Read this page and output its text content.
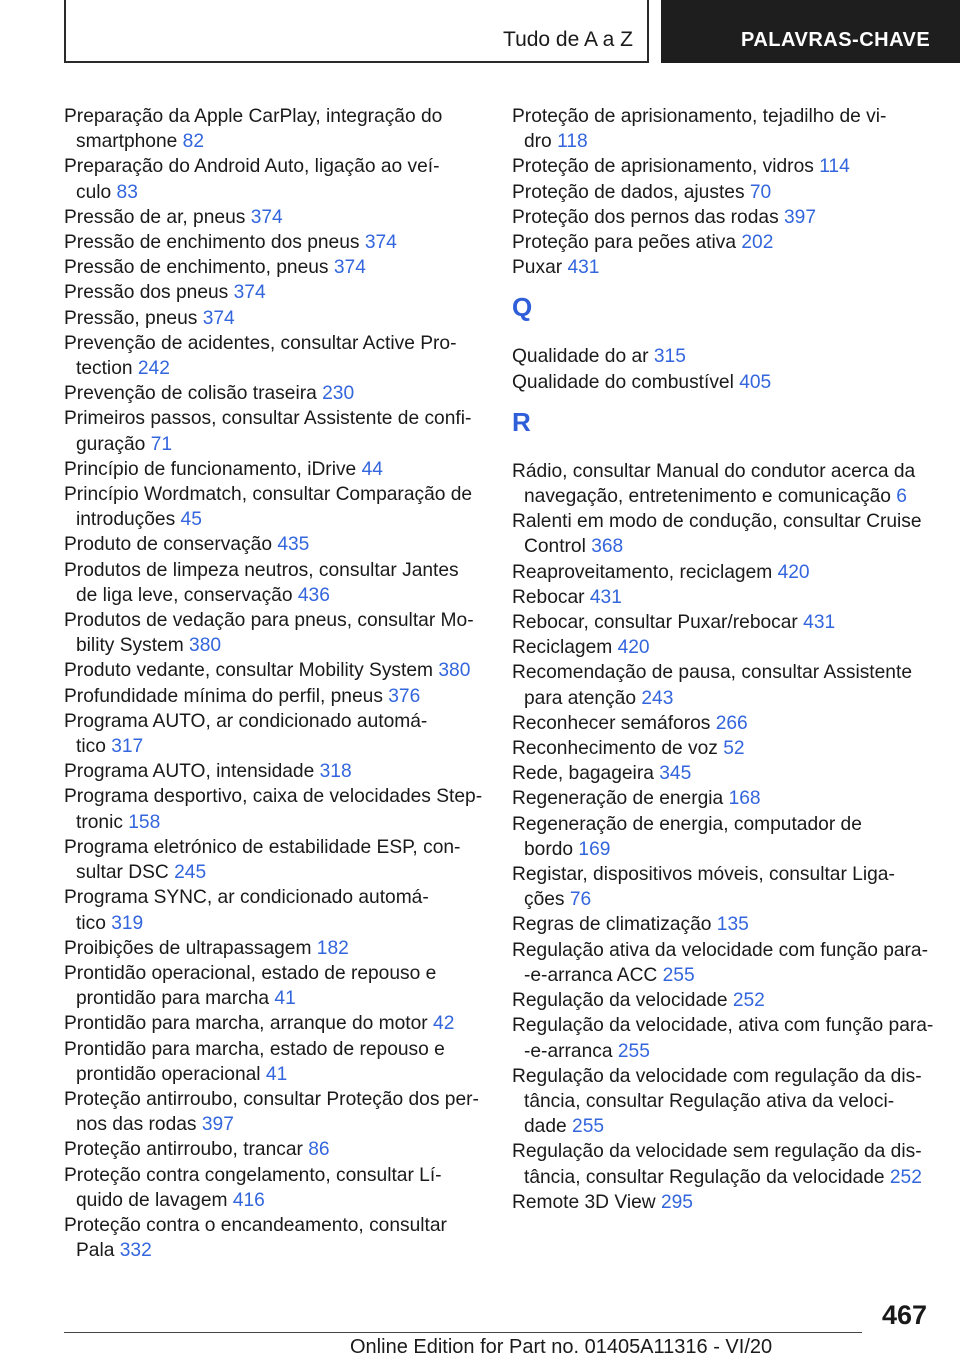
Tudo de A a Z	PALAVRAS-CHAVE
Preparação da Apple CarPlay, integração do
smartphone 82
Preparação do Android Auto, ligação ao veí-
culo 83
Pressão de ar, pneus 374
Pressão de enchimento dos pneus 374
Pressão de enchimento, pneus 374
Pressão dos pneus 374
Pressão, pneus 374
Prevenção de acidentes, consultar Active Pro-
tection 242
Prevenção de colisão traseira 230
Primeiros passos, consultar Assistente de confi-
guração 71
Princípio de funcionamento, iDrive 44
Princípio Wordmatch, consultar Comparação de
introduções 45
Produto de conservação 435
Produtos de limpeza neutros, consultar Jantes
de liga leve, conservação 436
Produtos de vedação para pneus, consultar Mo-
bility System 380
Produto vedante, consultar Mobility System 380
Profundidade mínima do perfil, pneus 376
Programa AUTO, ar condicionado automá-
tico 317
Programa AUTO, intensidade 318
Programa desportivo, caixa de velocidades Step-
tronic 158
Programa eletrónico de estabilidade ESP, con-
sultar DSC 245
Programa SYNC, ar condicionado automá-
tico 319
Proibições de ultrapassagem 182
Prontidão operacional, estado de repouso e
prontidão para marcha 41
Prontidão para marcha, arranque do motor 42
Prontidão para marcha, estado de repouso e
prontidão operacional 41
Proteção antirroubo, consultar Proteção dos per-
nos das rodas 397
Proteção antirroubo, trancar 86
Proteção contra congelamento, consultar Lí-
quido de lavagem 416
Proteção contra o encandeamento, consultar
Pala 332
Proteção de aprisionamento, tejadilho de vi-
dro 118
Proteção de aprisionamento, vidros 114
Proteção de dados, ajustes 70
Proteção dos pernos das rodas 397
Proteção para peões ativa 202
Puxar 431
Q
Qualidade do ar 315
Qualidade do combustível 405
R
Rádio, consultar Manual do condutor acerca da
navegação, entretenimento e comunicação 6
Ralenti em modo de condução, consultar Cruise
Control 368
Reaproveitamento, reciclagem 420
Rebocar 431
Rebocar, consultar Puxar/rebocar 431
Reciclagem 420
Recomendação de pausa, consultar Assistente
para atenção 243
Reconhecer semáforos 266
Reconhecimento de voz 52
Rede, bagageira 345
Regeneração de energia 168
Regeneração de energia, computador de
bordo 169
Registar, dispositivos móveis, consultar Liga-
ções 76
Regras de climatização 135
Regulação ativa da velocidade com função para-
-e-arranca ACC 255
Regulação da velocidade 252
Regulação da velocidade, ativa com função para-
-e-arranca 255
Regulação da velocidade com regulação da dis-
tância, consultar Regulação ativa da veloci-
dade 255
Regulação da velocidade sem regulação da dis-
tância, consultar Regulação da velocidade 252
Remote 3D View 295
467
Online Edition for Part no. 01405A11316 - VI/20
